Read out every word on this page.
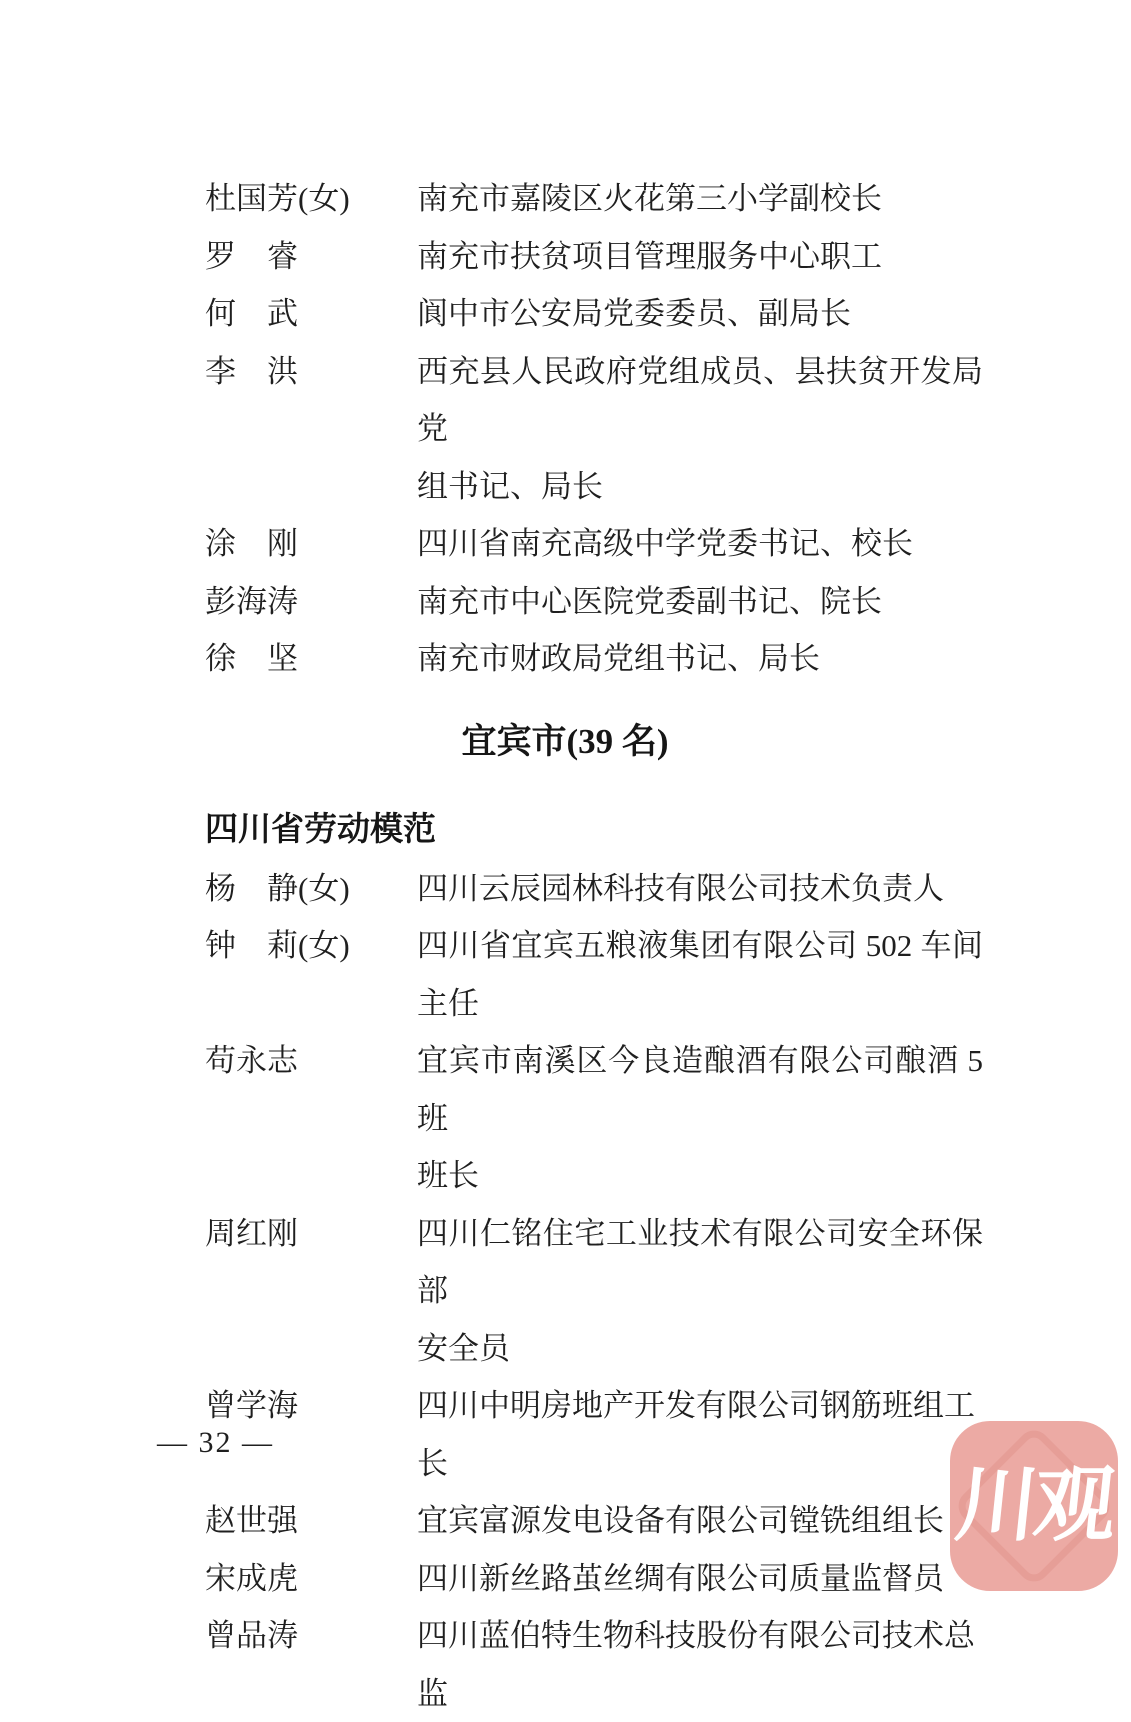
杜国芳(女)	南充市嘉陵区火花第三小学副校长
罗　睿	南充市扶贫项目管理服务中心职工
何　武	阆中市公安局党委委员、副局长
李　洪	西充县人民政府党组成员、县扶贫开发局党
组书记、局长
涂　刚	四川省南充高级中学党委书记、校长
彭海涛	南充市中心医院党委副书记、院长
徐　坚	南充市财政局党组书记、局长
宜宾市(39 名)
四川省劳动模范
杨　静(女)	四川云辰园林科技有限公司技术负责人
钟　莉(女)	四川省宜宾五粮液集团有限公司 502 车间
主任
苟永志	宜宾市南溪区今良造酿酒有限公司酿酒 5 班
班长
周红刚	四川仁铭住宅工业技术有限公司安全环保部
安全员
曾学海	四川中明房地产开发有限公司钢筋班组工长
赵世强	宜宾富源发电设备有限公司镗铣组组长
宋成虎	四川新丝路茧丝绸有限公司质量监督员
曾品涛	四川蓝伯特生物科技股份有限公司技术总监
— 32 —
川观
